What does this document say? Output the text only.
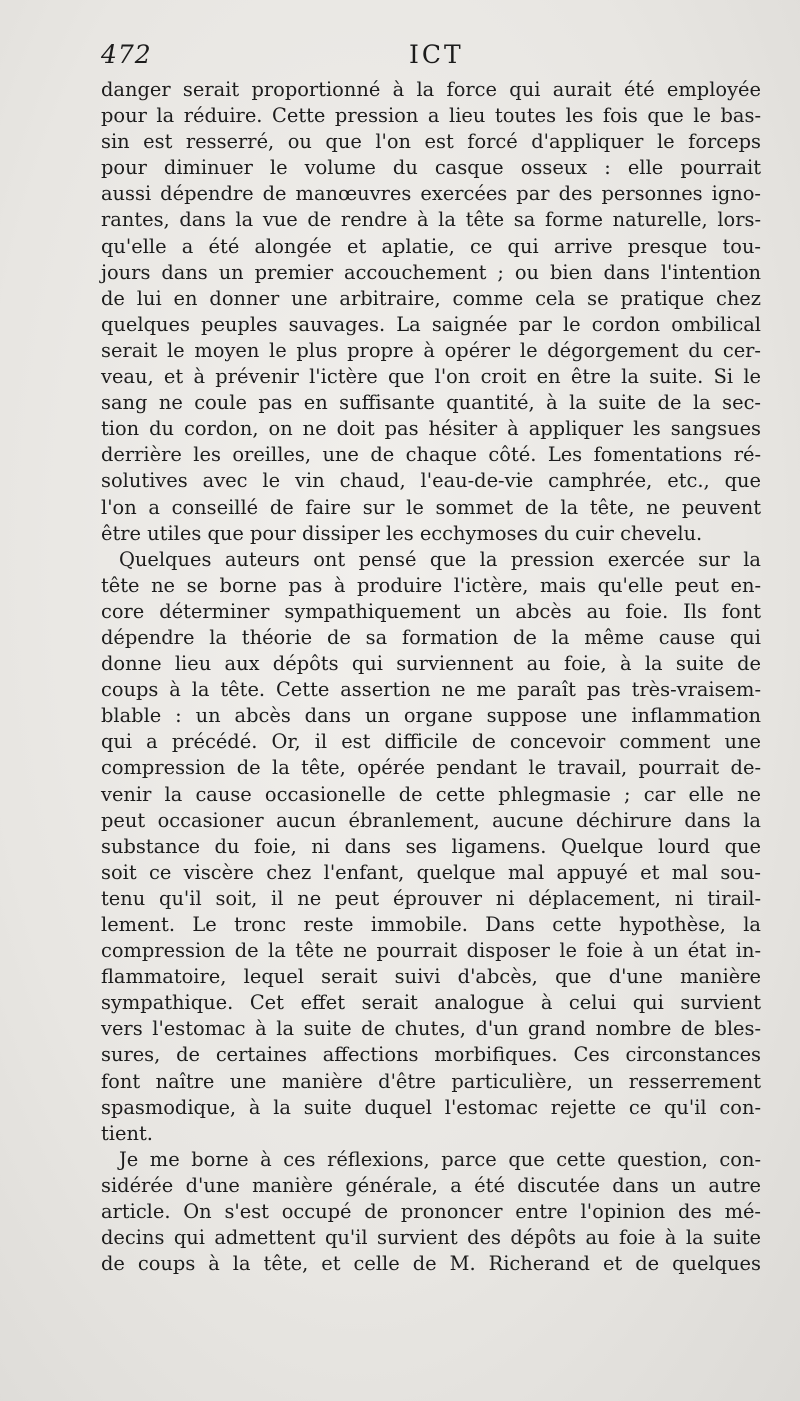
472	ICT
danger serait proportionné à la force qui aurait été employée
pour la réduire. Cette pression a lieu toutes les fois que le bas-
sin est resserré, ou que l'on est forcé d'appliquer le forceps
pour diminuer le volume du casque osseux : elle pourrait
aussi dépendre de manœuvres exercées par des personnes igno-
rantes, dans la vue de rendre à la tête sa forme naturelle, lors-
qu'elle a été alongée et aplatie, ce qui arrive presque tou-
jours dans un premier accouchement ; ou bien dans l'intention
de lui en donner une arbitraire, comme cela se pratique chez
quelques peuples sauvages. La saignée par le cordon ombilical
serait le moyen le plus propre à opérer le dégorgement du cer-
veau, et à prévenir l'ictère que l'on croit en être la suite. Si le
sang ne coule pas en suffisante quantité, à la suite de la sec-
tion du cordon, on ne doit pas hésiter à appliquer les sangsues
derrière les oreilles, une de chaque côté. Les fomentations ré-
solutives avec le vin chaud, l'eau-de-vie camphrée, etc., que
l'on a conseillé de faire sur le sommet de la tête, ne peuvent
être utiles que pour dissiper les ecchymoses du cuir chevelu.
Quelques auteurs ont pensé que la pression exercée sur la
tête ne se borne pas à produire l'ictère, mais qu'elle peut en-
core déterminer sympathiquement un abcès au foie. Ils font
dépendre la théorie de sa formation de la même cause qui
donne lieu aux dépôts qui surviennent au foie, à la suite de
coups à la tête. Cette assertion ne me paraît pas très-vraisem-
blable : un abcès dans un organe suppose une inflammation
qui a précédé. Or, il est difficile de concevoir comment une
compression de la tête, opérée pendant le travail, pourrait de-
venir la cause occasionelle de cette phlegmasie ; car elle ne
peut occasioner aucun ébranlement, aucune déchirure dans la
substance du foie, ni dans ses ligamens. Quelque lourd que
soit ce viscère chez l'enfant, quelque mal appuyé et mal sou-
tenu qu'il soit, il ne peut éprouver ni déplacement, ni tirail-
lement. Le tronc reste immobile. Dans cette hypothèse, la
compression de la tête ne pourrait disposer le foie à un état in-
flammatoire, lequel serait suivi d'abcès, que d'une manière
sympathique. Cet effet serait analogue à celui qui survient
vers l'estomac à la suite de chutes, d'un grand nombre de bles-
sures, de certaines affections morbifiques. Ces circonstances
font naître une manière d'être particulière, un resserrement
spasmodique, à la suite duquel l'estomac rejette ce qu'il con-
tient.
Je me borne à ces réflexions, parce que cette question, con-
sidérée d'une manière générale, a été discutée dans un autre
article. On s'est occupé de prononcer entre l'opinion des mé-
decins qui admettent qu'il survient des dépôts au foie à la suite
de coups à la tête, et celle de M. Richerand et de quelques
